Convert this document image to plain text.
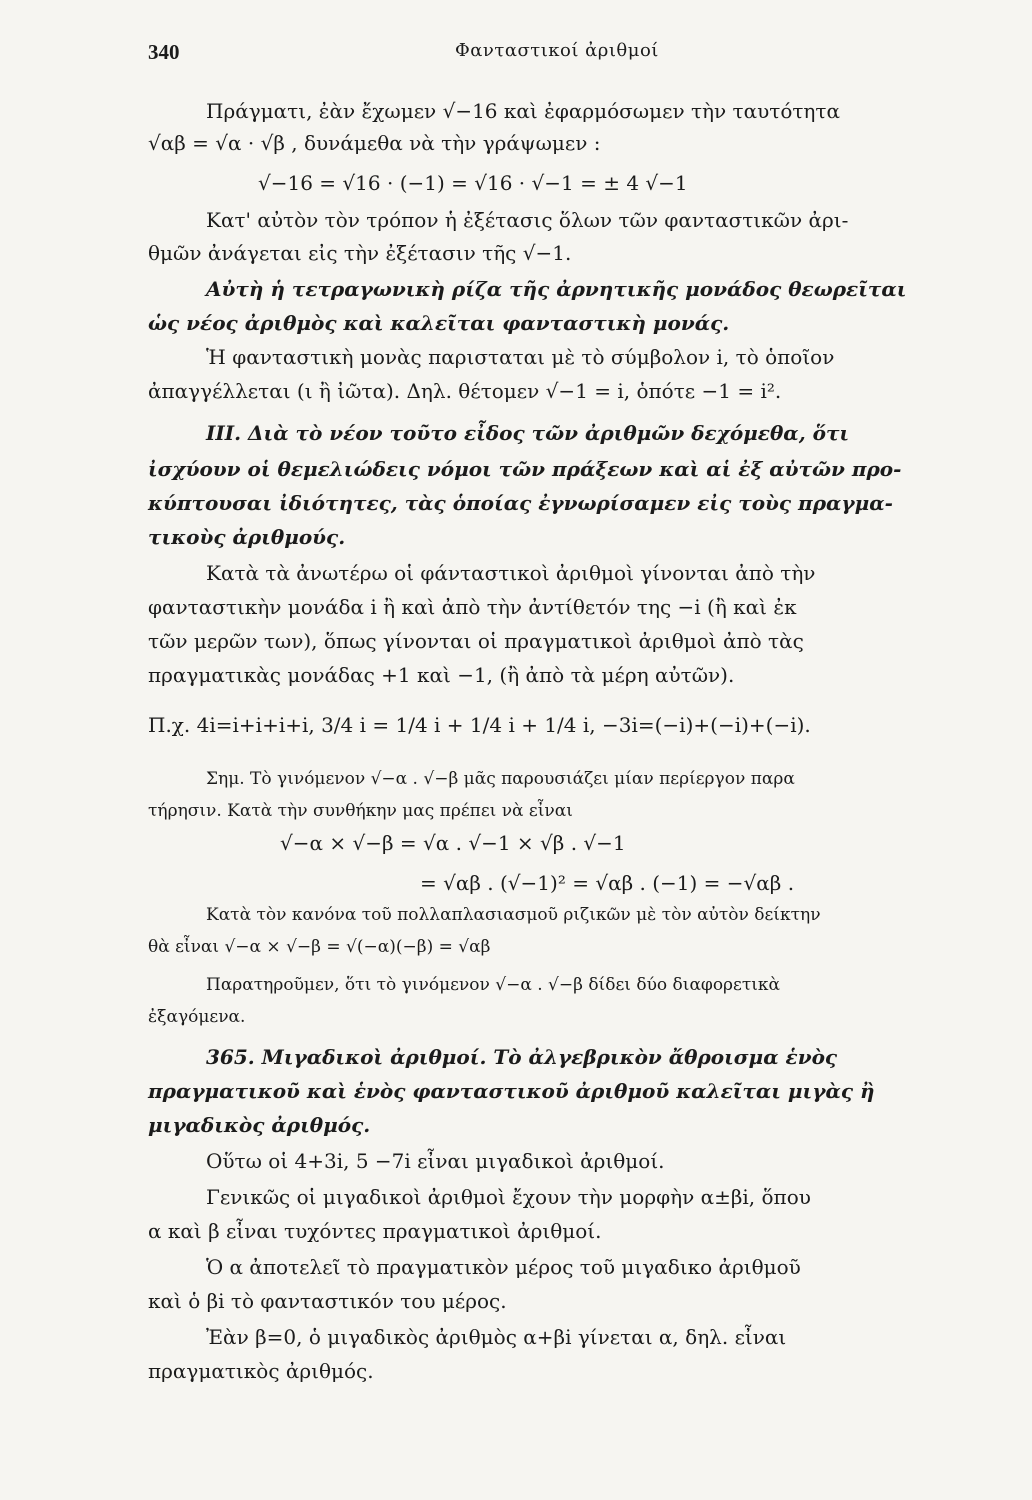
340	Φανταστικοί ἀριθμοί
Πράγματι, ἐὰν ἔχωμεν √−16 καὶ ἐφαρμόσωμεν τὴν ταυτότητα
√αβ = √α · √β , δυνάμεθα νὰ τὴν γράψωμεν :
√−16 = √16 · (−1) = √16 · √−1 = ± 4 √−1
Κατ' αὐτὸν τὸν τρόπον ἡ ἐξέτασις ὅλων τῶν φανταστικῶν ἀρι-
θμῶν ἀνάγεται εἰς τὴν ἐξέτασιν τῆς √−1.
Αὐτὴ ἡ τετραγωνικὴ ρίζα τῆς ἀρνητικῆς μονάδος θεωρεῖται
ὡς νέος ἀριθμὸς καὶ καλεῖται φανταστικὴ μονάς.
Ἡ φανταστικὴ μονὰς παρισταται μὲ τὸ σύμβολον i, τὸ ὁποῖον
ἀπαγγέλλεται (ι ἢ ἰῶτα). Δηλ. θέτομεν √−1 = i, ὁπότε −1 = i².
III. Διὰ τὸ νέον τοῦτο εἶδος τῶν ἀριθμῶν δεχόμεθα, ὅτι
ἰσχύουν οἱ θεμελιώδεις νόμοι τῶν πράξεων καὶ αἱ ἐξ αὐτῶν προ-
κύπτουσαι ἰδιότητες, τὰς ὁποίας ἐγνωρίσαμεν εἰς τοὺς πραγμα-
τικοὺς ἀριθμούς.
Κατὰ τὰ ἀνωτέρω οἱ φάνταστικοὶ ἀριθμοὶ γίνονται ἀπὸ τὴν
φανταστικὴν μονάδα i ἢ καὶ ἀπὸ τὴν ἀντίθετόν της −i (ἢ καὶ ἐκ
τῶν μερῶν των), ὅπως γίνονται οἱ πραγματικοὶ ἀριθμοὶ ἀπὸ τὰς
πραγματικὰς μονάδας +1 καὶ −1, (ἢ ἀπὸ τὰ μέρη αὐτῶν).
Π.χ. 4i=i+i+i+i, 3/4 i = 1/4 i + 1/4 i + 1/4 i, −3i=(−i)+(−i)+(−i).
Σημ. Τὸ γινόμενον √−α . √−β μᾶς παρουσιάζει μίαν περίεργον παρα
τήρησιν. Κατὰ τὴν συνθήκην μας πρέπει νὰ εἶναι
√−α × √−β = √α . √−1 × √β . √−1
= √αβ . (√−1)² = √αβ . (−1) = −√αβ .
Κατὰ τὸν κανόνα τοῦ πολλαπλασιασμοῦ ριζικῶν μὲ τὸν αὐτὸν δείκτην
θὰ εἶναι √−α × √−β = √(−α)(−β) = √αβ
Παρατηροῦμεν, ὅτι τὸ γινόμενον √−α . √−β δίδει δύο διαφορετικὰ
ἐξαγόμενα.
365. Μιγαδικοὶ ἀριθμοί. Τὸ ἀλγεβρικὸν ἄθροισμα ἑνὸς
πραγματικοῦ καὶ ἑνὸς φανταστικοῦ ἀριθμοῦ καλεῖται μιγὰς ἢ
μιγαδικὸς ἀριθμός.
Οὕτω οἱ 4+3i, 5 −7i εἶναι μιγαδικοὶ ἀριθμοί.
Γενικῶς οἱ μιγαδικοὶ ἀριθμοὶ ἔχουν τὴν μορφὴν α±βi, ὅπου
α καὶ β εἶναι τυχόντες πραγματικοὶ ἀριθμοί.
Ὁ α ἀποτελεῖ τὸ πραγματικὸν μέρος τοῦ μιγαδικο ἀριθμοῦ
καὶ ὁ βi τὸ φανταστικόν του μέρος.
Ἐὰν β=0, ὁ μιγαδικὸς ἀριθμὸς α+βi γίνεται α, δηλ. εἶναι
πραγματικὸς ἀριθμός.
